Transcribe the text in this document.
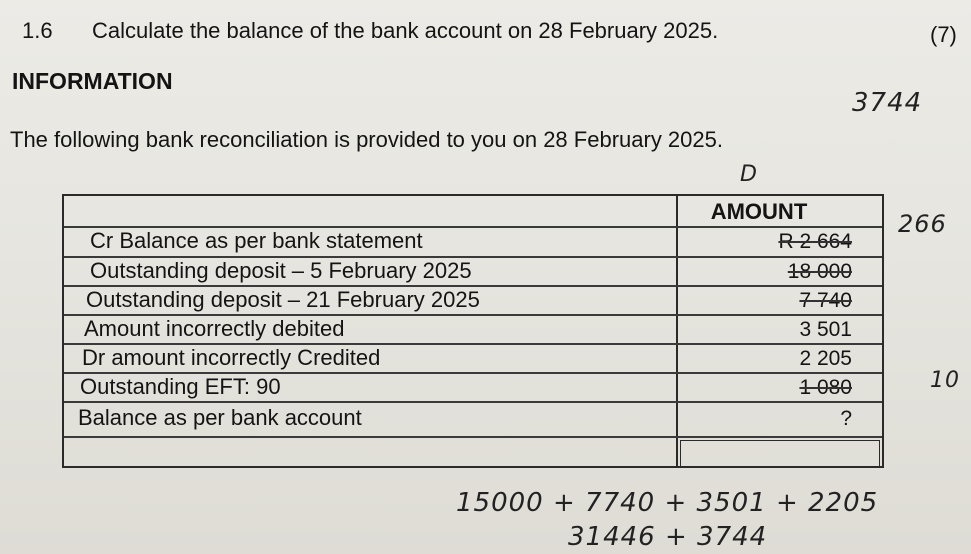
1.6 Calculate the balance of the bank account on 28 February 2025.	(7)
INFORMATION
The following bank reconciliation is provided to you on 28 February 2025.
AMOUNT
Cr Balance as per bank statement	R 2 664
Outstanding deposit – 5 February 2025	18 000
Outstanding deposit – 21 February 2025	7 740
Amount incorrectly debited	3 501
Dr amount incorrectly Credited	2 205
Outstanding EFT: 90	1 080
Balance as per bank account	?
3744
266
10
D
15000 + 7740 + 3501 + 2205
31446 + 3744
